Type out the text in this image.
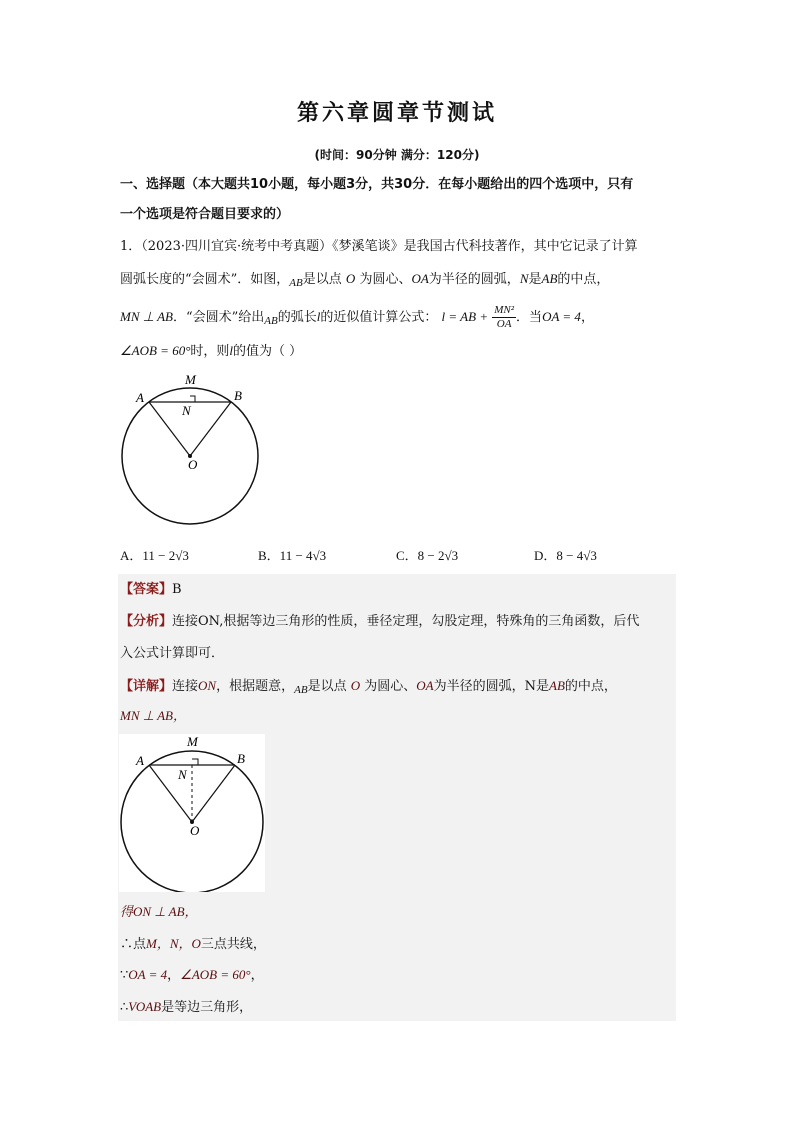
第六章圆章节测试
(时间：90分钟 满分：120分)
一、选择题（本大题共10小题，每小题3分，共30分．在每小题给出的四个选项中，只有
一个选项是符合题目要求的）
1．（2023·四川宜宾·统考中考真题）《梦溪笔谈》是我国古代科技著作，其中它记录了计算
圆弧长度的“会圆术”．如图，$_{AB}$是以点 O 为圆心、OA为半径的圆弧，N是AB的中点，
MN ⊥ AB．“会圆术”给出$_{AB}$的弧长l的近似值计算公式： l = AB + $\frac{\text{MN²}}{OA}$ ．当OA = 4，
∠AOB = 60°时，则l的值为（ ）
M
A	B
N
O
A．11 − 2√3	B．11 − 4√3	C．8 − 2√3	D．8 − 4√3
【答案】B
【分析】连接ON,根据等边三角形的性质，垂径定理，勾股定理，特殊角的三角函数，后代
入公式计算即可．
【详解】连接ON，根据题意，$_{AB}$是以点 O 为圆心、OA为半径的圆弧，N是AB的中点，
MN ⊥ AB，
M
A	B
N
O
得ON ⊥ AB，
∴点M，N，O三点共线，
∵OA = 4，∠AOB = 60°，
∴VOAB是等边三角形，
